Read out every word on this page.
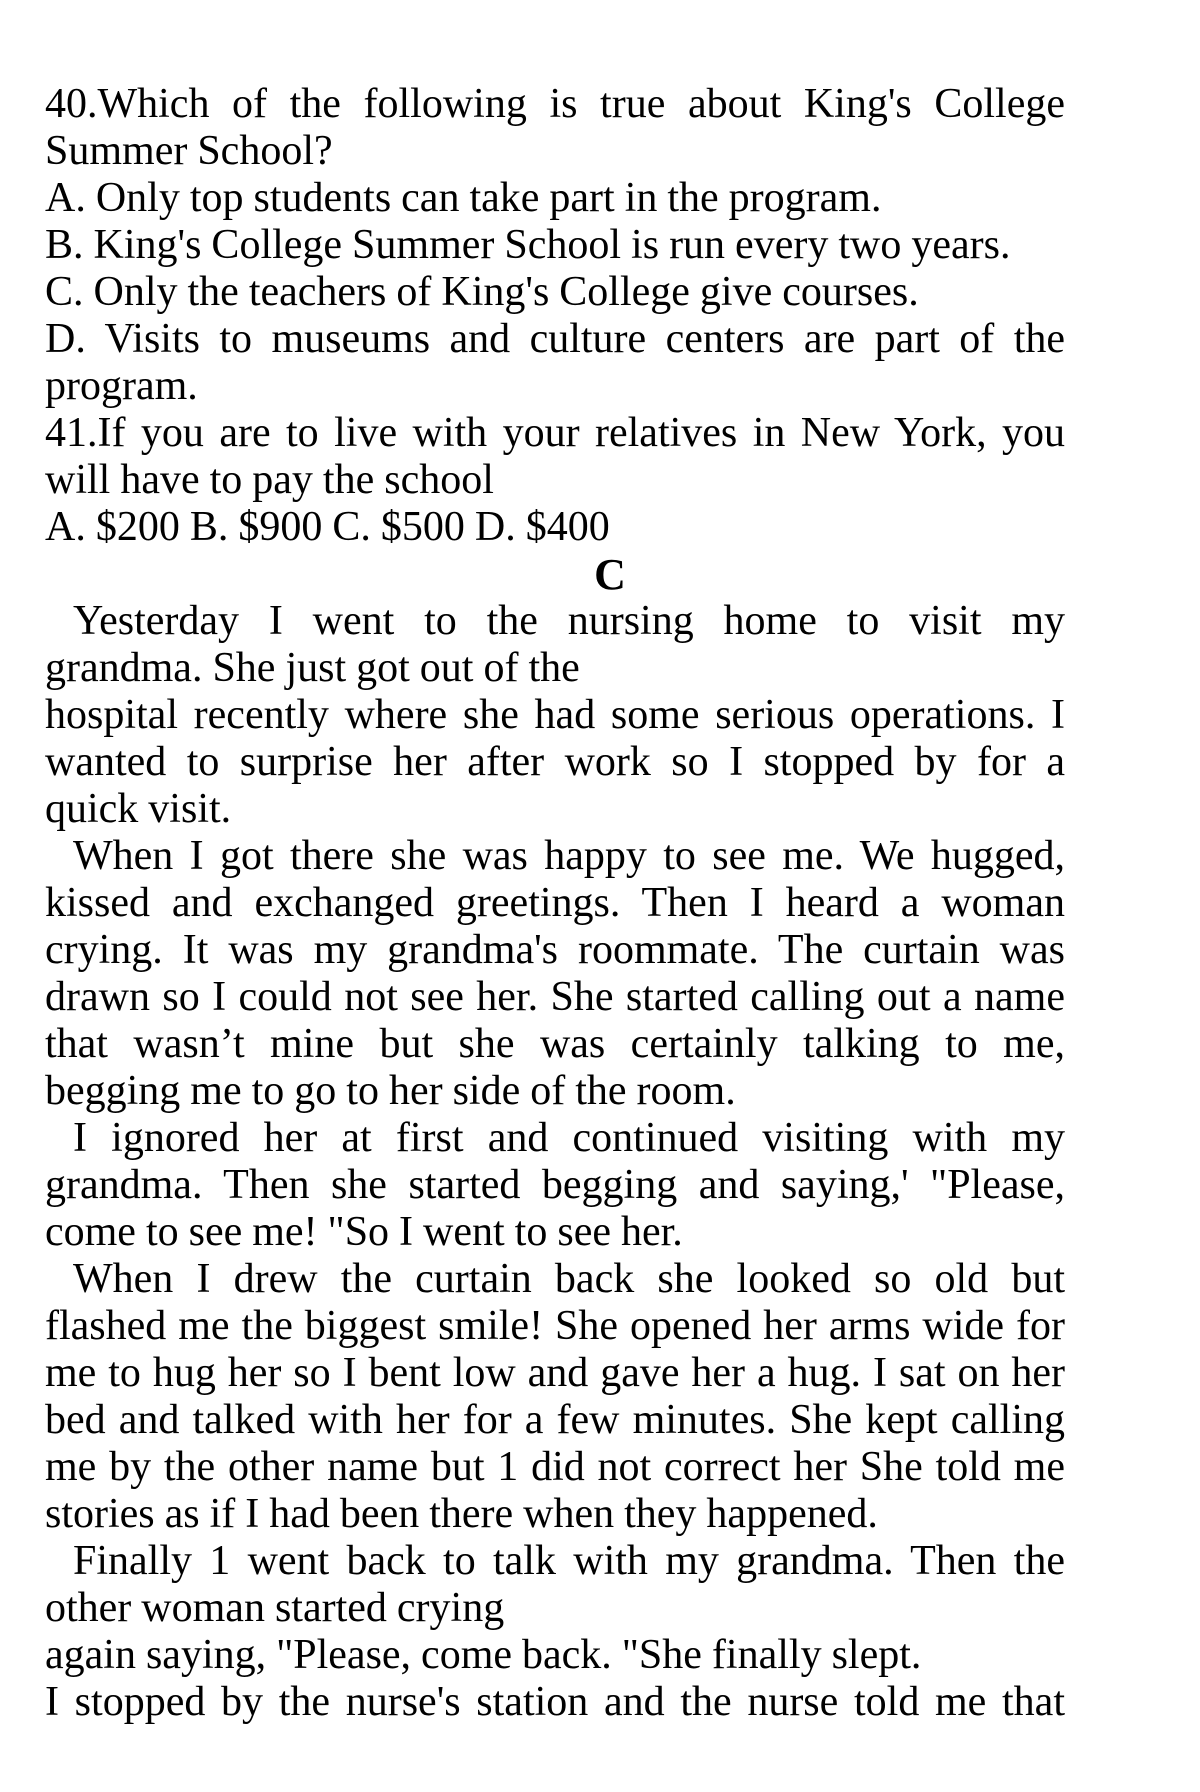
40.Which of the following is true about King's College
Summer School?
A. Only top students can take part in the program.
B. King's College Summer School is run every two years.
C. Only the teachers of King's College give courses.
D. Visits to museums and culture centers are part of the
program.
41.If you are to live with your relatives in New York, you
will have to pay the school
A. $200 B. $900 C. $500 D. $400
C
Yesterday I went to the nursing home to visit my
grandma. She just got out of the
hospital recently where she had some serious operations. I
wanted to surprise her after work so I stopped by for a
quick visit.
When I got there she was happy to see me. We hugged,
kissed and exchanged greetings. Then I heard a woman
crying. It was my grandma's roommate. The curtain was
drawn so I could not see her. She started calling out a name
that wasn’t mine but she was certainly talking to me,
begging me to go to her side of the room.
I ignored her at first and continued visiting with my
grandma. Then she started begging and saying,' "Please,
come to see me! "So I went to see her.
When I drew the curtain back she looked so old but
flashed me the biggest smile! She opened her arms wide for
me to hug her so I bent low and gave her a hug. I sat on her
bed and talked with her for a few minutes. She kept calling
me by the other name but 1 did not correct her She told me
stories as if I had been there when they happened.
Finally 1 went back to talk with my grandma. Then the
other woman started crying
again saying, "Please, come back. "She finally slept.
I stopped by the nurse's station and the nurse told me that
